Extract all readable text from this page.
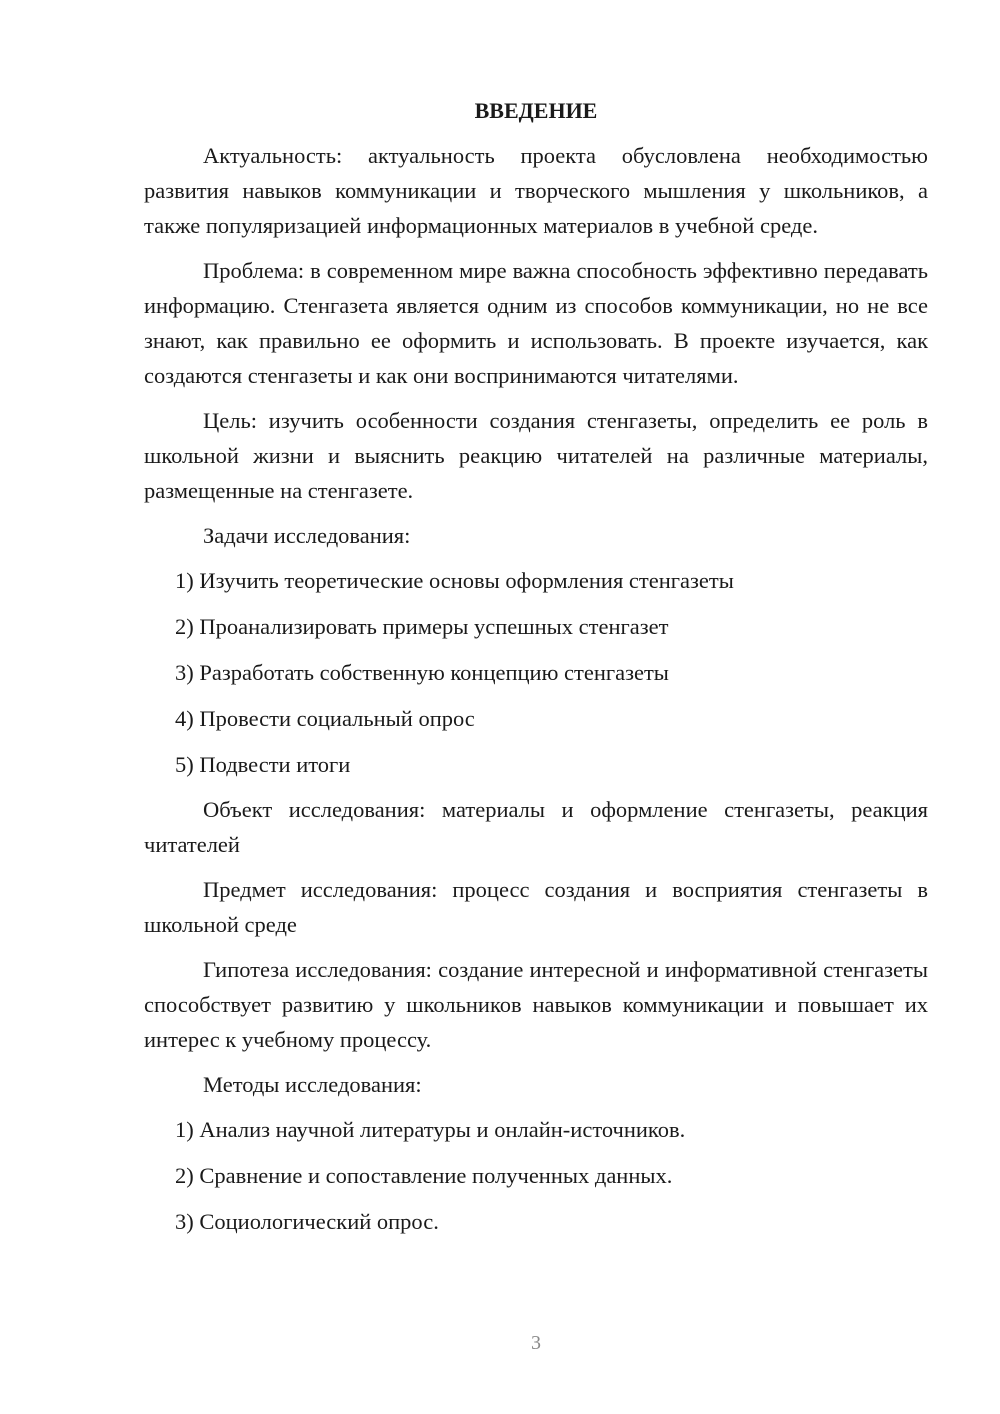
ВВЕДЕНИЕ

Актуальность: актуальность проекта обусловлена необходимостью развития навыков коммуникации и творческого мышления у школьников, а также популяризацией информационных материалов в учебной среде.

Проблема: в современном мире важна способность эффективно передавать информацию. Стенгазета является одним из способов коммуникации, но не все знают, как правильно ее оформить и использовать. В проекте изучается, как создаются стенгазеты и как они воспринимаются читателями.

Цель: изучить особенности создания стенгазеты, определить ее роль в школьной жизни и выяснить реакцию читателей на различные материалы, размещенные на стенгазете.

Задачи исследования:

1) Изучить теоретические основы оформления стенгазеты
2) Проанализировать примеры успешных стенгазет
3) Разработать собственную концепцию стенгазеты
4) Провести социальный опрос
5) Подвести итоги

Объект исследования: материалы и оформление стенгазеты, реакция читателей

Предмет исследования: процесс создания и восприятия стенгазеты в школьной среде

Гипотеза исследования: создание интересной и информативной стенгазеты способствует развитию у школьников навыков коммуникации и повышает их интерес к учебному процессу.

Методы исследования:

1) Анализ научной литературы и онлайн-источников.
2) Сравнение и сопоставление полученных данных.
3) Социологический опрос.
3
